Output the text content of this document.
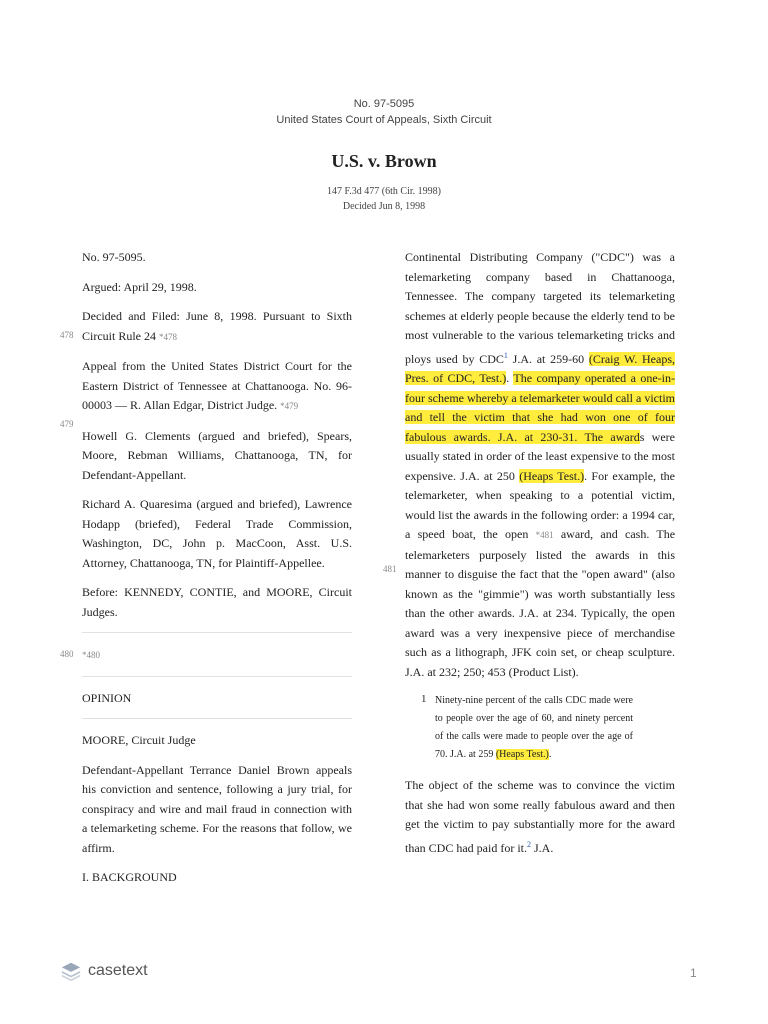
No. 97-5095
United States Court of Appeals, Sixth Circuit
U.S. v. Brown
147 F.3d 477 (6th Cir. 1998)
Decided Jun 8, 1998

No. 97-5095.

Argued: April 29, 1998.

478
Decided and Filed: June 8, 1998. Pursuant to Sixth Circuit Rule 24 *478

479
Appeal from the United States District Court for the Eastern District of Tennessee at Chattanooga. No. 96-00003 — R. Allan Edgar, District Judge. *479

Howell G. Clements (argued and briefed), Spears, Moore, Rebman Williams, Chattanooga, TN, for Defendant-Appellant.

Richard A. Quaresima (argued and briefed), Lawrence Hodapp (briefed), Federal Trade Commission, Washington, DC, John p. MacCoon, Asst. U.S. Attorney, Chattanooga, TN, for Plaintiff-Appellee.

Before: KENNEDY, CONTIE, and MOORE, Circuit Judges.

480 *480

OPINION

MOORE, Circuit Judge

Defendant-Appellant Terrance Daniel Brown appeals his conviction and sentence, following a jury trial, for conspiracy and wire and mail fraud in connection with a telemarketing scheme. For the reasons that follow, we affirm.

I. BACKGROUND

Continental Distributing Company ("CDC") was a telemarketing company based in Chattanooga, Tennessee. The company targeted its telemarketing schemes at elderly people because the elderly tend to be most vulnerable to the various telemarketing tricks and ploys used by CDC$^1$ J.A. at 259-60 (Craig W. Heaps, Pres. of CDC, Test.). The company operated a one-in-four scheme whereby a telemarketer would call a victim and tell the victim that she had won one of four fabulous awards. J.A. at 230-31. The awards were usually stated in order of the least expensive to the most expensive. J.A. at 250 (Heaps Test.). For example, the telemarketer, when speaking to a potential victim, would list the awards in the following order: a 1994 car, a speed boat, the open
481
*481 award, and cash. The telemarketers purposely listed the awards in this manner to disguise the fact that the "open award" (also known as the "gimmie") was worth substantially less than the other awards. J.A. at 234. Typically, the open award was a very inexpensive piece of merchandise such as a lithograph, JFK coin set, or cheap sculpture. J.A. at 232; 250; 453 (Product List).

1 Ninety-nine percent of the calls CDC made were to people over the age of 60, and ninety percent of the calls were made to people over the age of 70. J.A. at 259 (Heaps Test.).

The object of the scheme was to convince the victim that she had won some really fabulous award and then get the victim to pay substantially more for the award than CDC had paid for it.$^2$ J.A.

casetext	1
